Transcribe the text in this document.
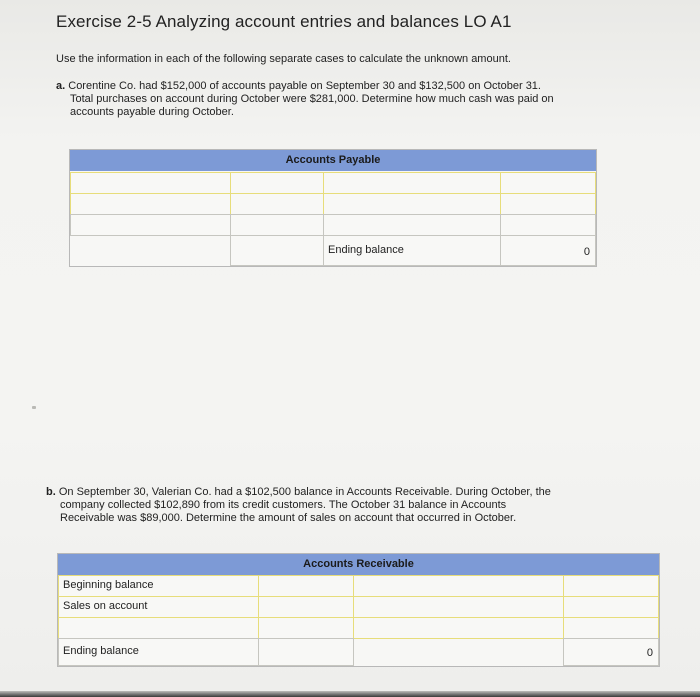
Exercise 2-5 Analyzing account entries and balances LO A1
Use the information in each of the following separate cases to calculate the unknown amount.
a. Corentine Co. had $152,000 of accounts payable on September 30 and $132,500 on October 31.
Total purchases on account during October were $281,000. Determine how much cash was paid on
accounts payable during October.
Accounts Payable
Ending balance	0
b. On September 30, Valerian Co. had a $102,500 balance in Accounts Receivable. During October, the
company collected $102,890 from its credit customers. The October 31 balance in Accounts
Receivable was $89,000. Determine the amount of sales on account that occurred in October.
Accounts Receivable
Beginning balance
Sales on account
Ending balance	0
